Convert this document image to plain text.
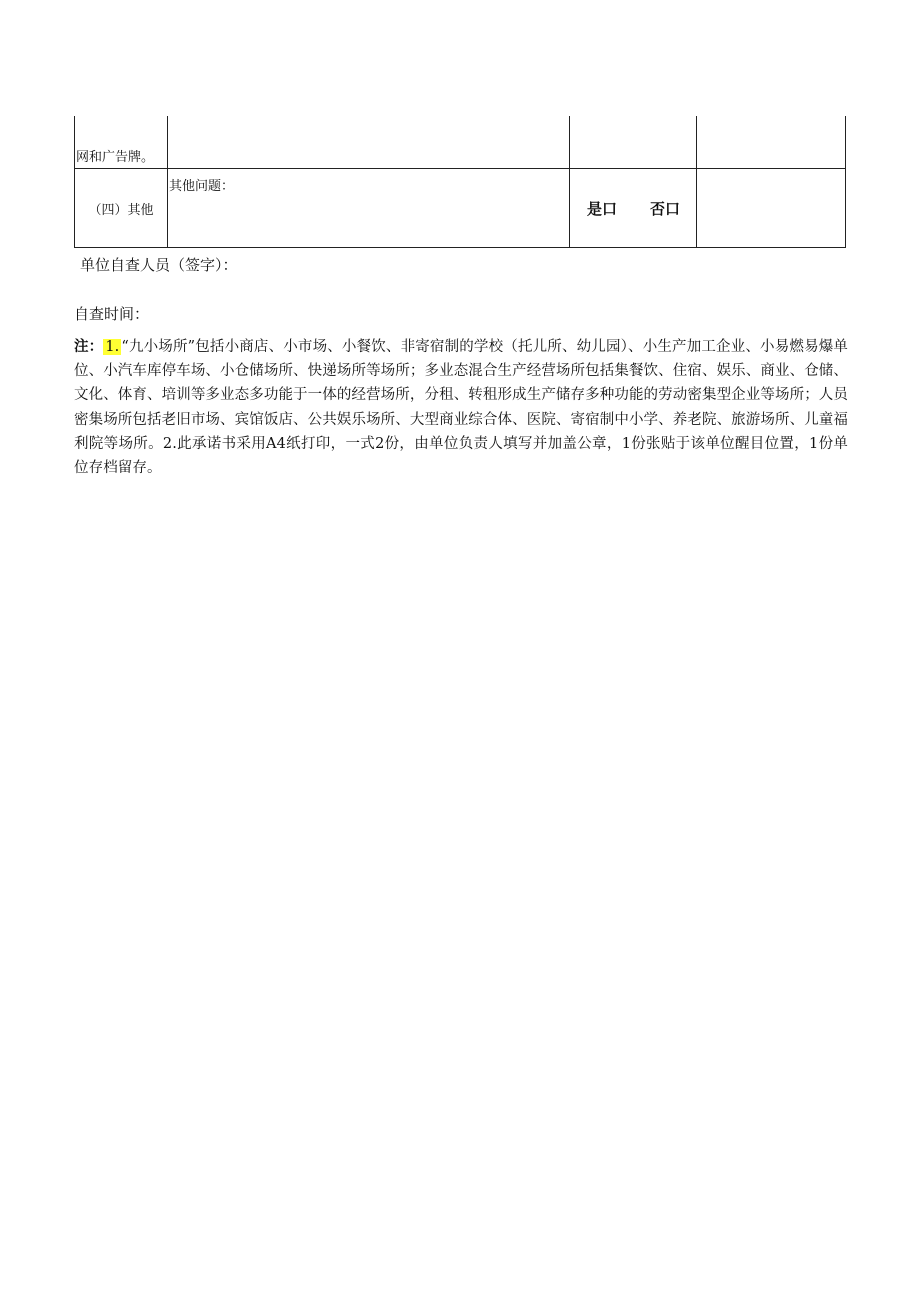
网和广告牌。			

（四）其他	其他问题：	是口 否口	

单位自查人员（签字）：
自查时间：
注： 1. “九小场所”包括小商店、小市场、小餐饮、非寄宿制的学校（托儿所、幼儿园）、小生产加工企业、小易燃易爆单位、小汽车库停车场、小仓储场所、快递场所等场所；多业态混合生产经营场所包括集餐饮、住宿、娱乐、商业、仓储、文化、体育、培训等多业态多功能于一体的经营场所，分租、转租形成生产储存多种功能的劳动密集型企业等场所；人员密集场所包括老旧市场、宾馆饭店、公共娱乐场所、大型商业综合体、医院、寄宿制中小学、养老院、旅游场所、儿童福利院等场所。2.此承诺书采用A4纸打印，一式2份，由单位负责人填写并加盖公章，1份张贴于该单位醒目位置，1份单位存档留存。
